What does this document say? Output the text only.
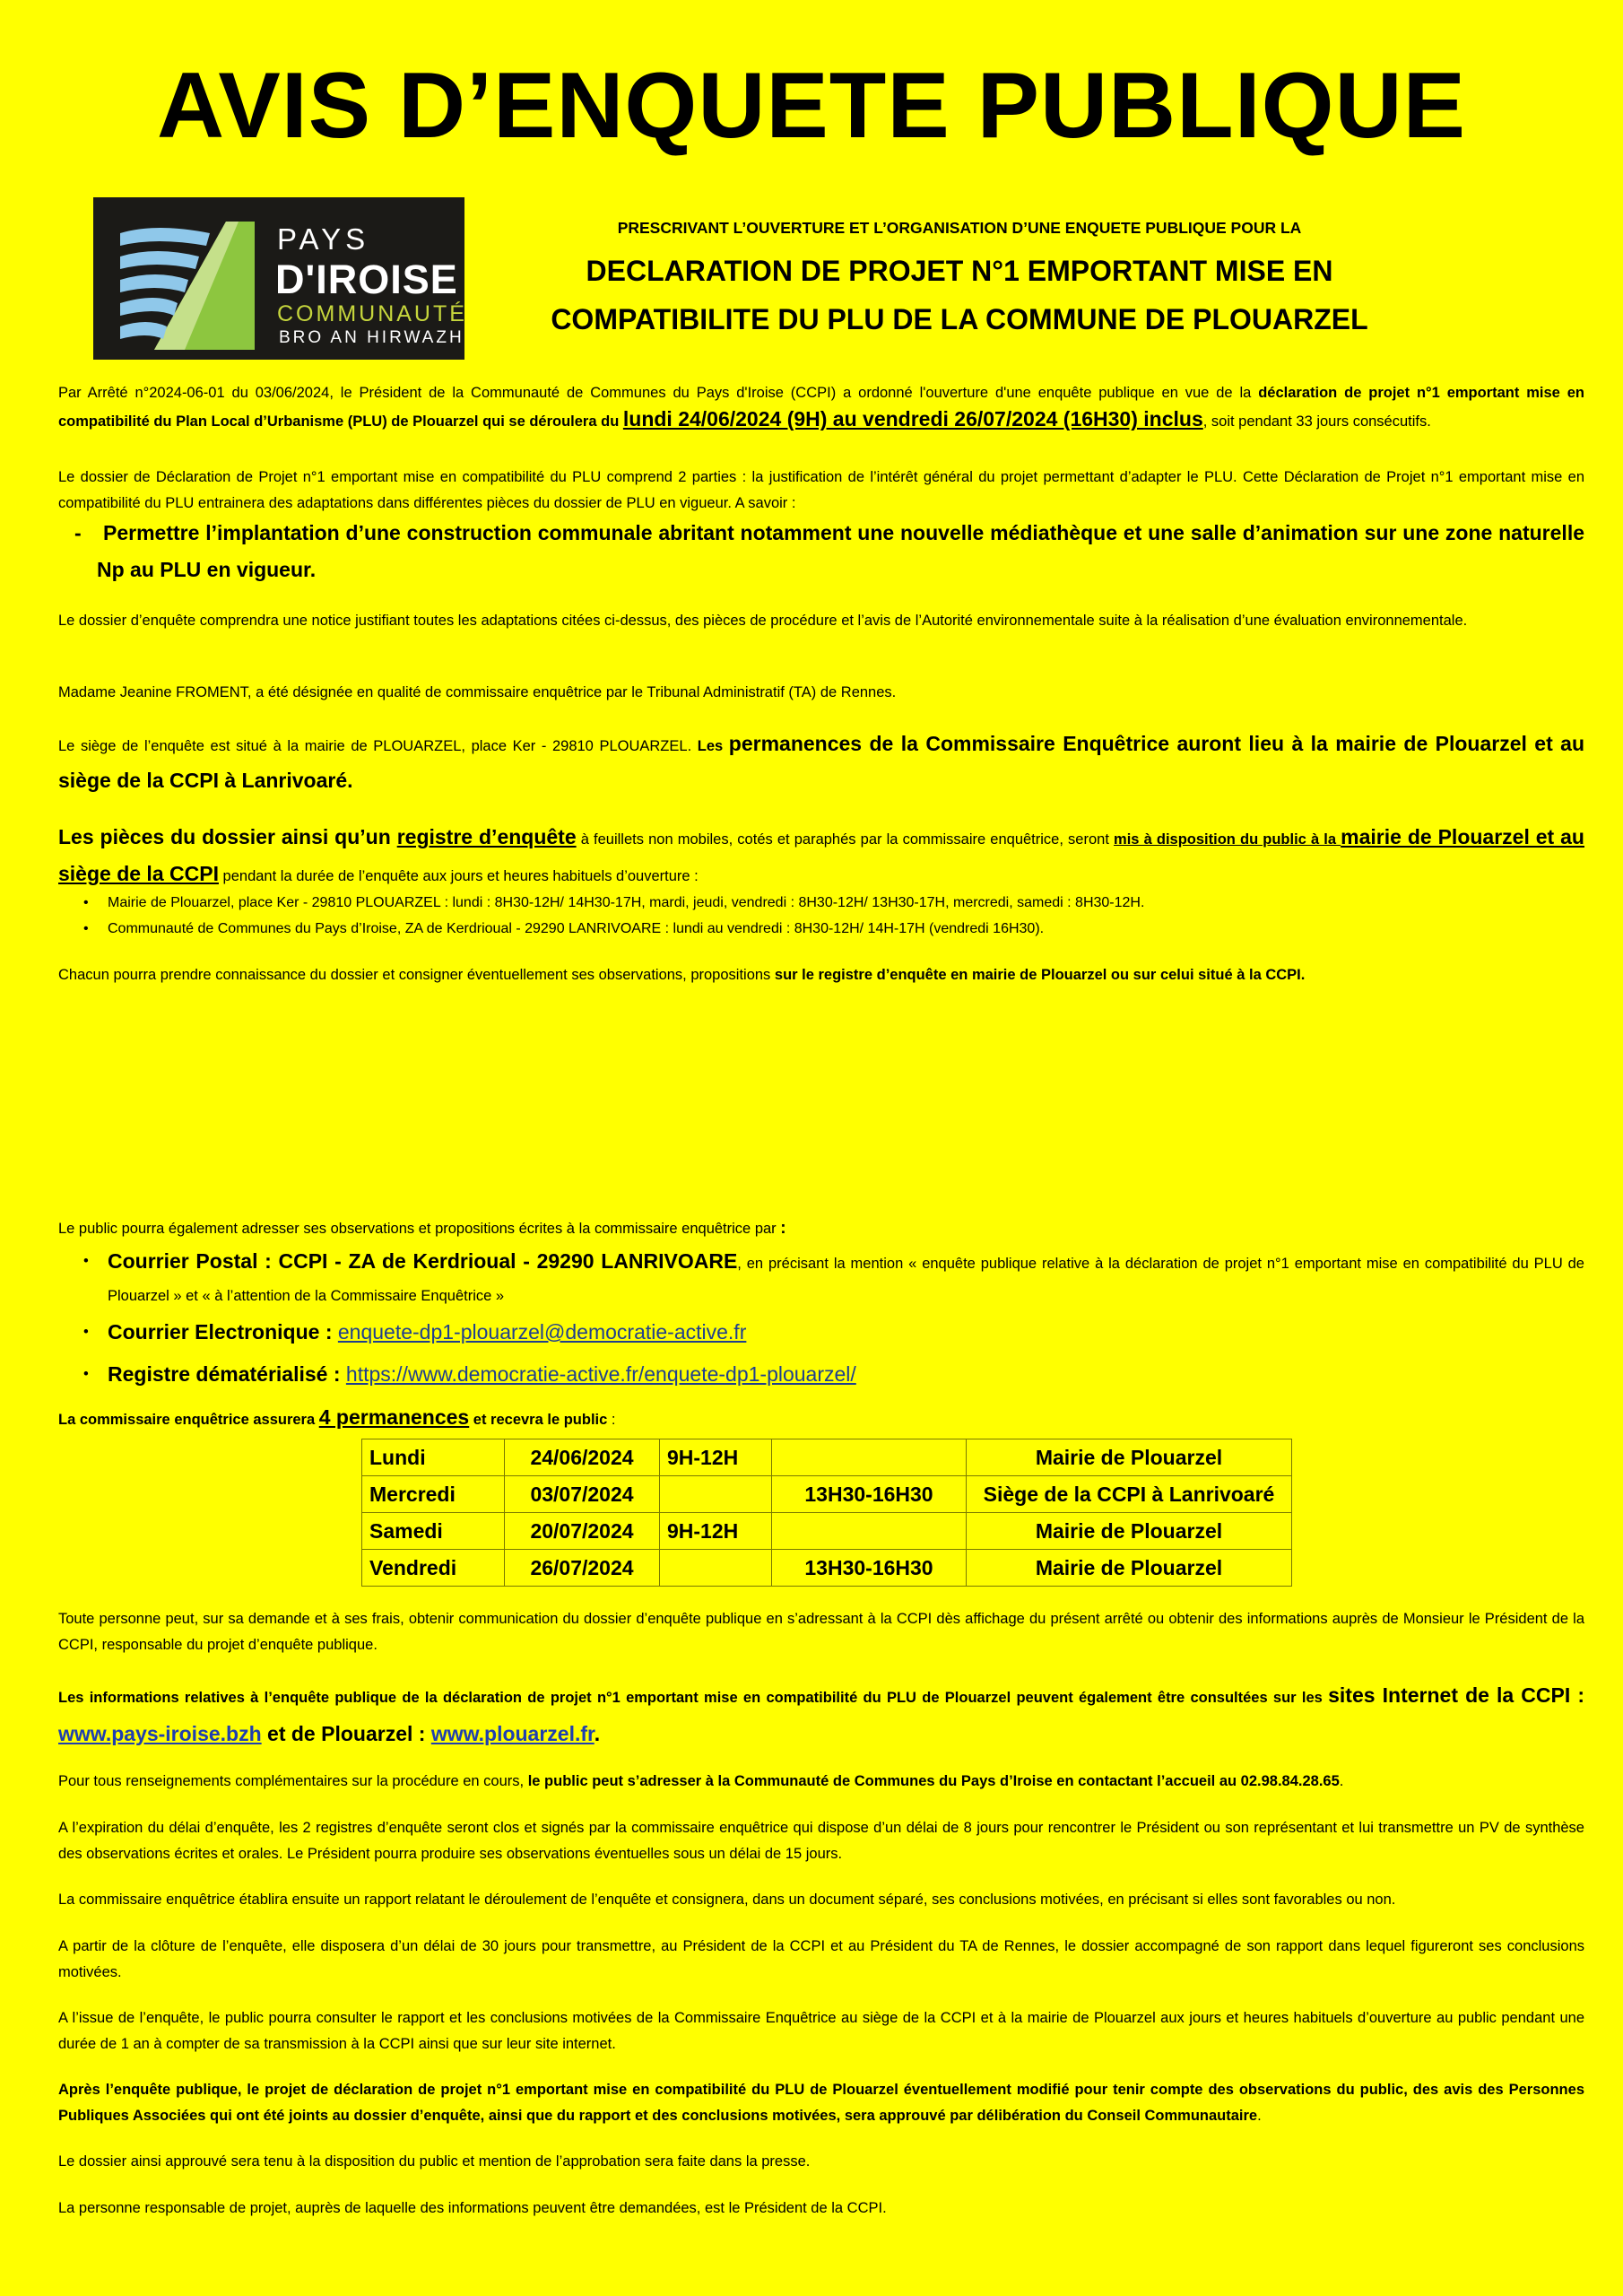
AVIS D’ENQUETE PUBLIQUE
PAYS
D'IROISE
COMMUNAUTÉ
BRO AN HIRWAZH
PRESCRIVANT L’OUVERTURE ET L’ORGANISATION D’UNE ENQUETE PUBLIQUE POUR LA
DECLARATION DE PROJET N°1 EMPORTANT MISE EN
COMPATIBILITE DU PLU DE LA COMMUNE DE PLOUARZEL
Par Arrêté n°2024-06-01 du 03/06/2024, le Président de la Communauté de Communes du Pays d'Iroise (CCPI) a ordonné l'ouverture d'une enquête publique en vue de la déclaration de projet n°1 emportant mise en compatibilité du Plan Local d’Urbanisme (PLU) de Plouarzel qui se déroulera du lundi 24/06/2024 (9H) au vendredi 26/07/2024 (16H30) inclus, soit pendant 33 jours consécutifs.
Le dossier de Déclaration de Projet n°1 emportant mise en compatibilité du PLU comprend 2 parties : la justification de l’intérêt général du projet permettant d’adapter le PLU. Cette Déclaration de Projet n°1 emportant mise en compatibilité du PLU entrainera des adaptations dans différentes pièces du dossier de PLU en vigueur. A savoir :
- Permettre l’implantation d’une construction communale abritant notamment une nouvelle médiathèque et une salle d’animation sur une zone naturelle Np au PLU en vigueur.
Le dossier d’enquête comprendra une notice justifiant toutes les adaptations citées ci-dessus, des pièces de procédure et l’avis de l’Autorité environnementale suite à la réalisation d’une évaluation environnementale.
Madame Jeanine FROMENT, a été désignée en qualité de commissaire enquêtrice par le Tribunal Administratif (TA) de Rennes.
Le siège de l’enquête est situé à la mairie de PLOUARZEL, place Ker - 29810 PLOUARZEL. Les permanences de la Commissaire Enquêtrice auront lieu à la mairie de Plouarzel et au siège de la CCPI à Lanrivoaré.
Les pièces du dossier ainsi qu’un registre d’enquête à feuillets non mobiles, cotés et paraphés par la commissaire enquêtrice, seront mis à disposition du public à la mairie de Plouarzel et au siège de la CCPI pendant la durée de l’enquête aux jours et heures habituels d’ouverture :
• Mairie de Plouarzel, place Ker - 29810 PLOUARZEL : lundi : 8H30-12H/ 14H30-17H, mardi, jeudi, vendredi : 8H30-12H/ 13H30-17H, mercredi, samedi : 8H30-12H.
• Communauté de Communes du Pays d’Iroise, ZA de Kerdrioual - 29290 LANRIVOARE : lundi au vendredi : 8H30-12H/ 14H-17H (vendredi 16H30).
Chacun pourra prendre connaissance du dossier et consigner éventuellement ses observations, propositions sur le registre d’enquête en mairie de Plouarzel ou sur celui situé à la CCPI.
Le public pourra également adresser ses observations et propositions écrites à la commissaire enquêtrice par :
• Courrier Postal : CCPI - ZA de Kerdrioual - 29290 LANRIVOARE, en précisant la mention « enquête publique relative à la déclaration de projet n°1 emportant mise en compatibilité du PLU de Plouarzel » et « à l’attention de la Commissaire Enquêtrice »
• Courrier Electronique : enquete-dp1-plouarzel@democratie-active.fr
• Registre dématérialisé : https://www.democratie-active.fr/enquete-dp1-plouarzel/
La commissaire enquêtrice assurera 4 permanences et recevra le public :
Lundi	24/06/2024	9H-12H		Mairie de Plouarzel
Mercredi	03/07/2024		13H30-16H30	Siège de la CCPI à Lanrivoaré
Samedi	20/07/2024	9H-12H		Mairie de Plouarzel
Vendredi	26/07/2024		13H30-16H30	Mairie de Plouarzel
Toute personne peut, sur sa demande et à ses frais, obtenir communication du dossier d’enquête publique en s’adressant à la CCPI dès affichage du présent arrêté ou obtenir des informations auprès de Monsieur le Président de la CCPI, responsable du projet d’enquête publique.
Les informations relatives à l’enquête publique de la déclaration de projet n°1 emportant mise en compatibilité du PLU de Plouarzel peuvent également être consultées sur les sites Internet de la CCPI : www.pays-iroise.bzh et de Plouarzel : www.plouarzel.fr.
Pour tous renseignements complémentaires sur la procédure en cours, le public peut s’adresser à la Communauté de Communes du Pays d’Iroise en contactant l’accueil au 02.98.84.28.65.
A l’expiration du délai d’enquête, les 2 registres d’enquête seront clos et signés par la commissaire enquêtrice qui dispose d’un délai de 8 jours pour rencontrer le Président ou son représentant et lui transmettre un PV de synthèse des observations écrites et orales. Le Président pourra produire ses observations éventuelles sous un délai de 15 jours.
La commissaire enquêtrice établira ensuite un rapport relatant le déroulement de l’enquête et consignera, dans un document séparé, ses conclusions motivées, en précisant si elles sont favorables ou non.
A partir de la clôture de l’enquête, elle disposera d’un délai de 30 jours pour transmettre, au Président de la CCPI et au Président du TA de Rennes, le dossier accompagné de son rapport dans lequel figureront ses conclusions motivées.
A l’issue de l’enquête, le public pourra consulter le rapport et les conclusions motivées de la Commissaire Enquêtrice au siège de la CCPI et à la mairie de Plouarzel aux jours et heures habituels d’ouverture au public pendant une durée de 1 an à compter de sa transmission à la CCPI ainsi que sur leur site internet.
Après l’enquête publique, le projet de déclaration de projet n°1 emportant mise en compatibilité du PLU de Plouarzel éventuellement modifié pour tenir compte des observations du public, des avis des Personnes Publiques Associées qui ont été joints au dossier d’enquête, ainsi que du rapport et des conclusions motivées, sera approuvé par délibération du Conseil Communautaire.
Le dossier ainsi approuvé sera tenu à la disposition du public et mention de l’approbation sera faite dans la presse.
La personne responsable de projet, auprès de laquelle des informations peuvent être demandées, est le Président de la CCPI.
